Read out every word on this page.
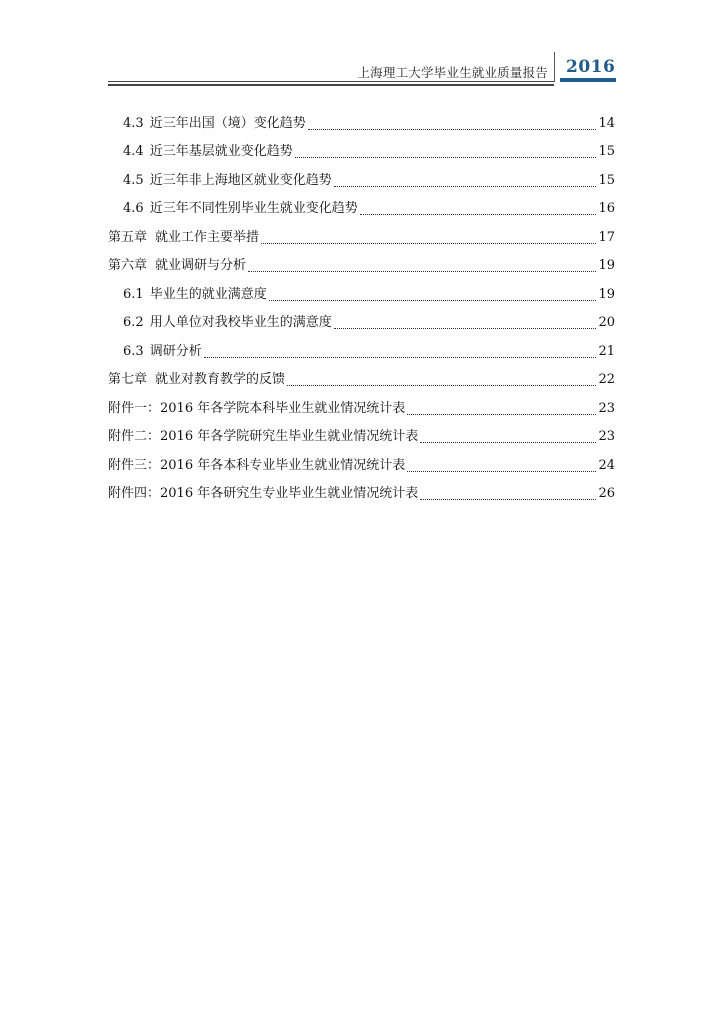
上海理工大学毕业生就业质量报告 2016
4.3 近三年出国（境）变化趋势	14
4.4 近三年基层就业变化趋势	15
4.5 近三年非上海地区就业变化趋势	15
4.6 近三年不同性别毕业生就业变化趋势	16
第五章 就业工作主要举措	17
第六章 就业调研与分析	19
6.1 毕业生的就业满意度	19
6.2 用人单位对我校毕业生的满意度	20
6.3 调研分析	21
第七章 就业对教育教学的反馈	22
附件一：2016 年各学院本科毕业生就业情况统计表	23
附件二：2016 年各学院研究生毕业生就业情况统计表	23
附件三：2016 年各本科专业毕业生就业情况统计表	24
附件四：2016 年各研究生专业毕业生就业情况统计表	26
